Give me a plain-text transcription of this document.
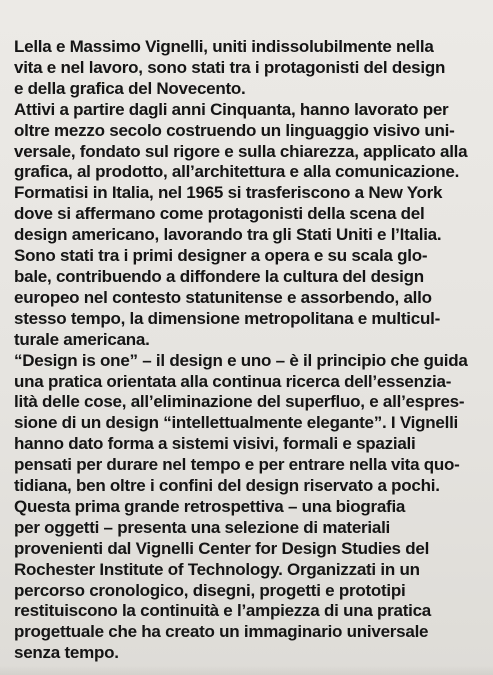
Lella e Massimo Vignelli, uniti indissolubilmente nella
vita e nel lavoro, sono stati tra i protagonisti del design
e della grafica del Novecento.
Attivi a partire dagli anni Cinquanta, hanno lavorato per
oltre mezzo secolo costruendo un linguaggio visivo uni-
versale, fondato sul rigore e sulla chiarezza, applicato alla
grafica, al prodotto, all’architettura e alla comunicazione.
Formatisi in Italia, nel 1965 si trasferiscono a New York
dove si affermano come protagonisti della scena del
design americano, lavorando tra gli Stati Uniti e l’Italia.
Sono stati tra i primi designer a opera e su scala glo-
bale, contribuendo a diffondere la cultura del design
europeo nel contesto statunitense e assorbendo, allo
stesso tempo, la dimensione metropolitana e multicul-
turale americana.
“Design is one” – il design e uno – è il principio che guida
una pratica orientata alla continua ricerca dell’essenzia-
lità delle cose, all’eliminazione del superfluo, e all’espres-
sione di un design “intellettualmente elegante”. I Vignelli
hanno dato forma a sistemi visivi, formali e spaziali
pensati per durare nel tempo e per entrare nella vita quo-
tidiana, ben oltre i confini del design riservato a pochi.
Questa prima grande retrospettiva – una biografia
per oggetti – presenta una selezione di materiali
provenienti dal Vignelli Center for Design Studies del
Rochester Institute of Technology. Organizzati in un
percorso cronologico, disegni, progetti e prototipi
restituiscono la continuità e l’ampiezza di una pratica
progettuale che ha creato un immaginario universale
senza tempo.
